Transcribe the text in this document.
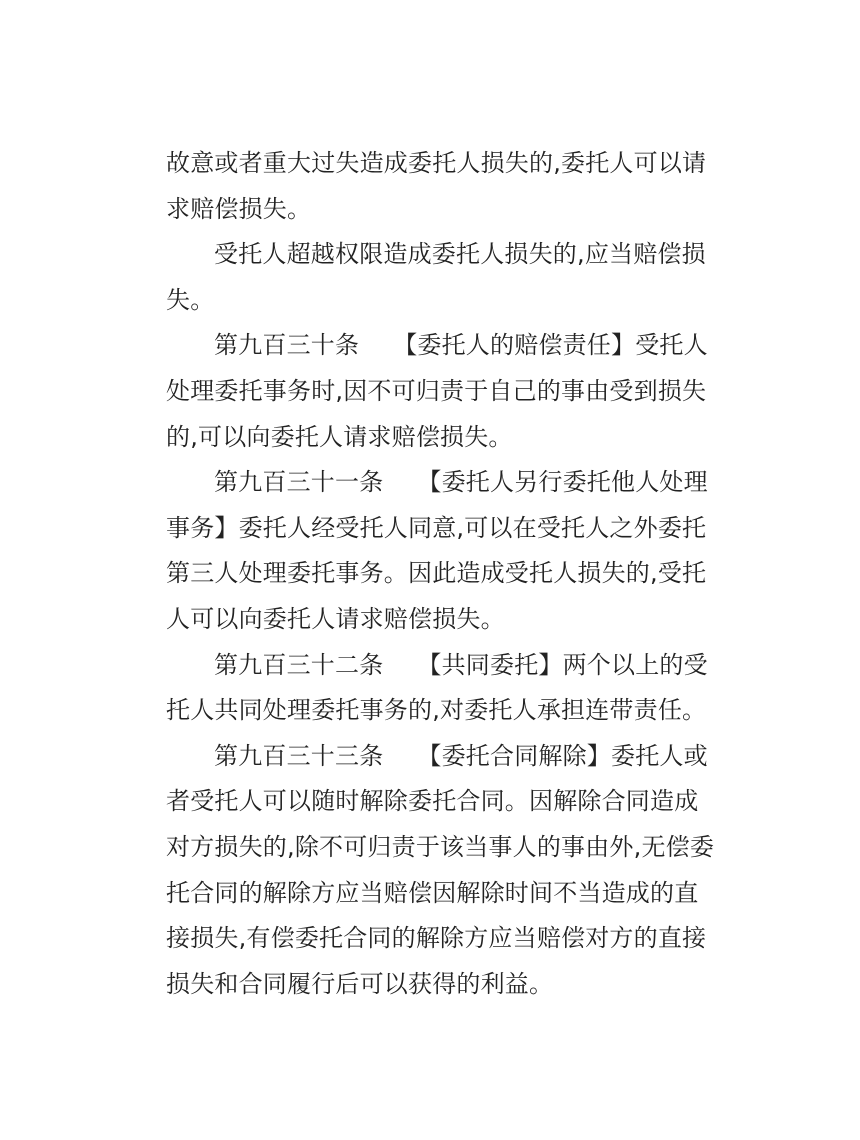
故意或者重大过失造成委托人损失的,委托人可以请
求赔偿损失。
受托人超越权限造成委托人损失的,应当赔偿损
失。
第九百三十条 【委托人的赔偿责任】受托人
处理委托事务时,因不可归责于自己的事由受到损失
的,可以向委托人请求赔偿损失。
第九百三十一条 【委托人另行委托他人处理
事务】委托人经受托人同意,可以在受托人之外委托
第三人处理委托事务。因此造成受托人损失的,受托
人可以向委托人请求赔偿损失。
第九百三十二条 【共同委托】两个以上的受
托人共同处理委托事务的,对委托人承担连带责任。
第九百三十三条 【委托合同解除】委托人或
者受托人可以随时解除委托合同。因解除合同造成
对方损失的,除不可归责于该当事人的事由外,无偿委
托合同的解除方应当赔偿因解除时间不当造成的直
接损失,有偿委托合同的解除方应当赔偿对方的直接
损失和合同履行后可以获得的利益。
